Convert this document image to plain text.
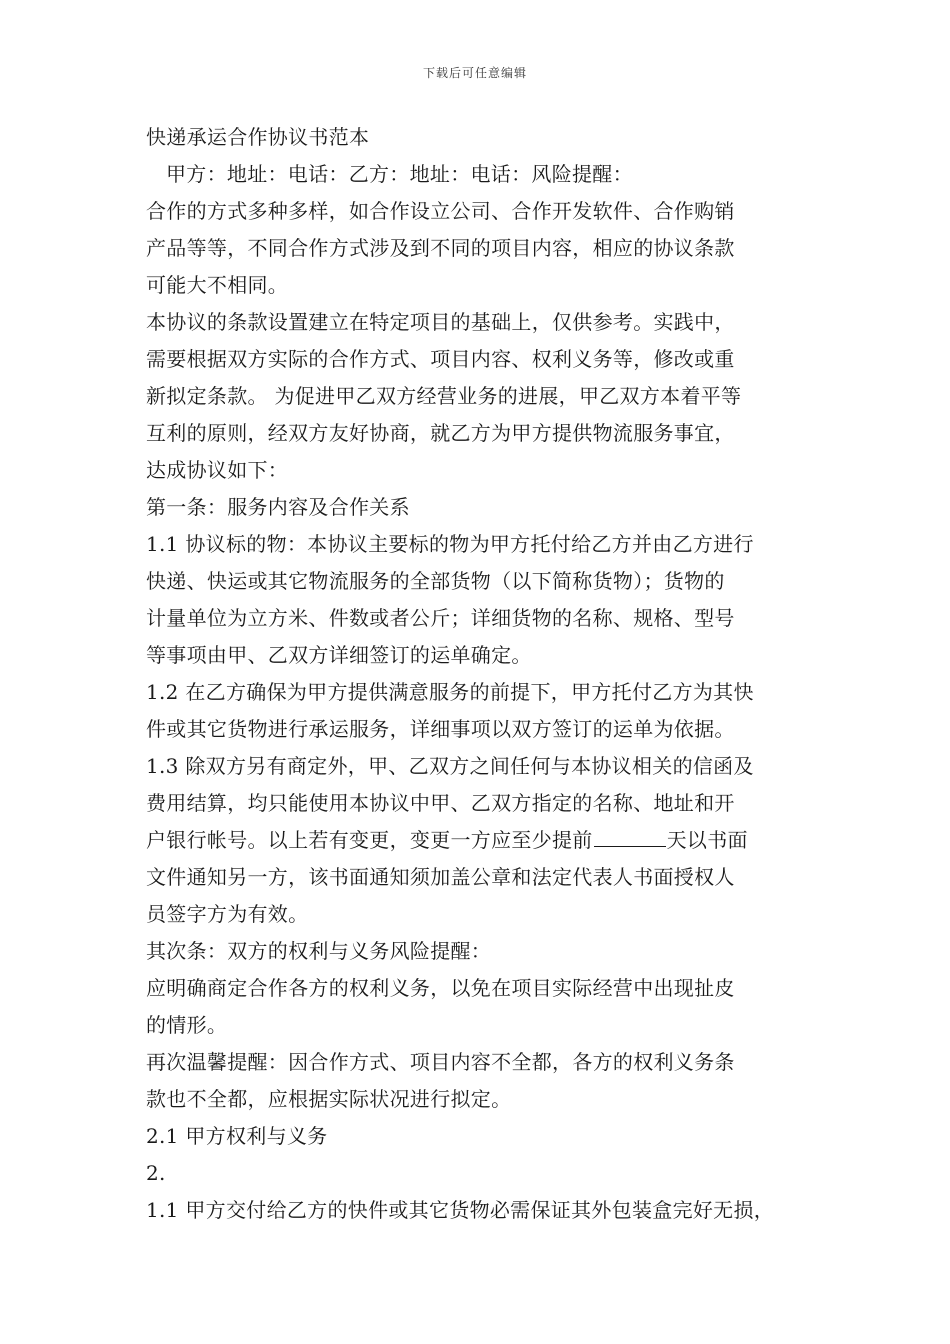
下载后可任意编辑
快递承运合作协议书范本
甲方：地址：电话：乙方：地址：电话：风险提醒：
合作的方式多种多样，如合作设立公司、合作开发软件、合作购销
产品等等，不同合作方式涉及到不同的项目内容，相应的协议条款
可能大不相同。
本协议的条款设置建立在特定项目的基础上，仅供参考。实践中，
需要根据双方实际的合作方式、项目内容、权利义务等，修改或重
新拟定条款。 为促进甲乙双方经营业务的进展，甲乙双方本着平等
互利的原则，经双方友好协商，就乙方为甲方提供物流服务事宜，
达成协议如下：
第一条：服务内容及合作关系
1.1 协议标的物：本协议主要标的物为甲方托付给乙方并由乙方进行
快递、快运或其它物流服务的全部货物（以下简称货物）；货物的
计量单位为立方米、件数或者公斤；详细货物的名称、规格、型号
等事项由甲、乙双方详细签订的运单确定。
1.2 在乙方确保为甲方提供满意服务的前提下，甲方托付乙方为其快
件或其它货物进行承运服务，详细事项以双方签订的运单为依据。
1.3 除双方另有商定外，甲、乙双方之间任何与本协议相关的信函及
费用结算，均只能使用本协议中甲、乙双方指定的名称、地址和开
户银行帐号。以上若有变更，变更一方应至少提前	天以书面
文件通知另一方，该书面通知须加盖公章和法定代表人书面授权人
员签字方为有效。
其次条：双方的权利与义务风险提醒：
应明确商定合作各方的权利义务，以免在项目实际经营中出现扯皮
的情形。
再次温馨提醒：因合作方式、项目内容不全都，各方的权利义务条
款也不全都，应根据实际状况进行拟定。
2.1 甲方权利与义务
2.
1.1 甲方交付给乙方的快件或其它货物必需保证其外包装盒完好无损，
